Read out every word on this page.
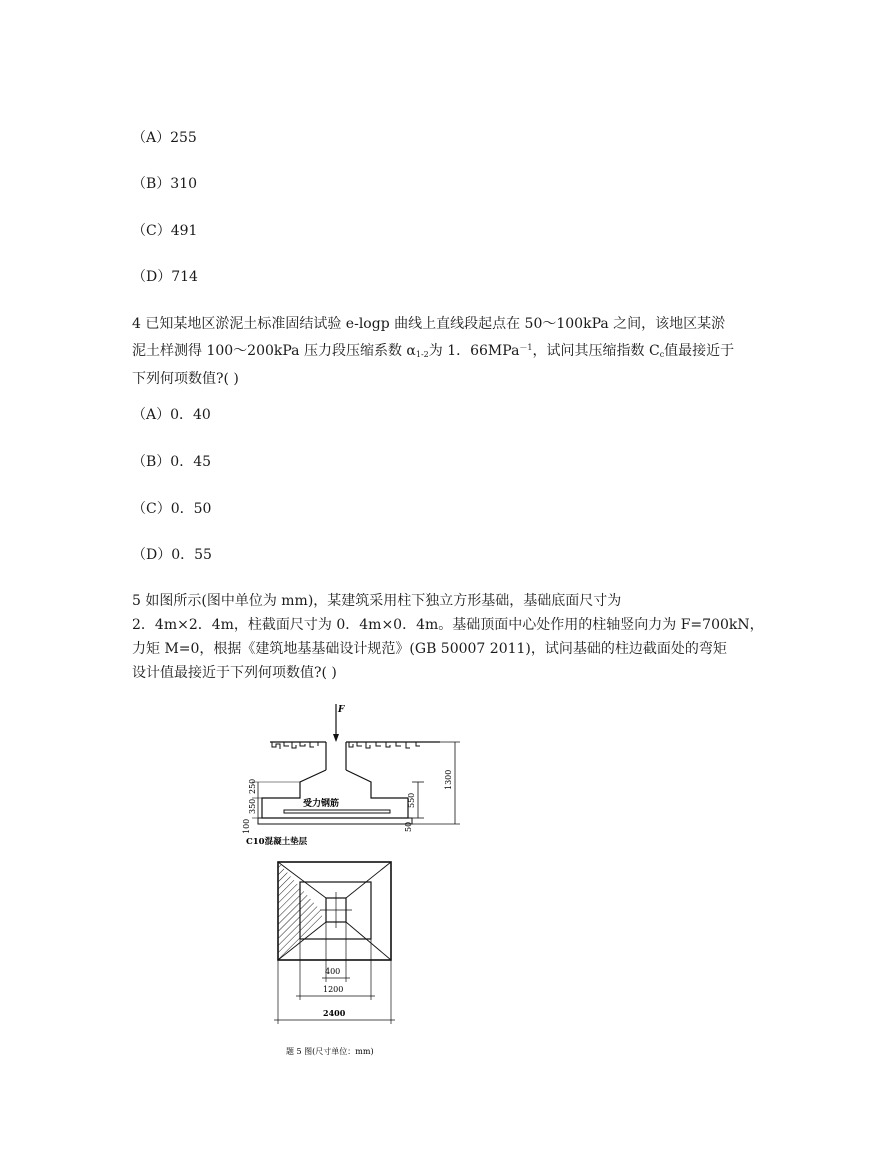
（A）255
（B）310
（C）491
（D）714
4 已知某地区淤泥土标准固结试验 e-logp 曲线上直线段起点在 50～100kPa 之间，该地区某淤
泥土样测得 100～200kPa 压力段压缩系数 $\alpha_{1-2}$为 1．66MPa$^{-1}$，试问其压缩指数 $C_c$值最接近于
下列何项数值?( )
（A）0．40
（B）0．45
（C）0．50
（D）0．55
5 如图所示(图中单位为 mm)，某建筑采用柱下独立方形基础，基础底面尺寸为
2．4m×2．4m，柱截面尺寸为 0．4m×0．4m。基础顶面中心处作用的柱轴竖向力为 F=700kN，
力矩 M=0，根据《建筑地基基础设计规范》(GB 50007 2011)，试问基础的柱边截面处的弯矩
设计值最接近于下列何项数值?( )
F
1300
550
50
250
350
100
受力钢筋
C10混凝土垫层
400
1200
2400
题 5 图(尺寸单位：mm)
